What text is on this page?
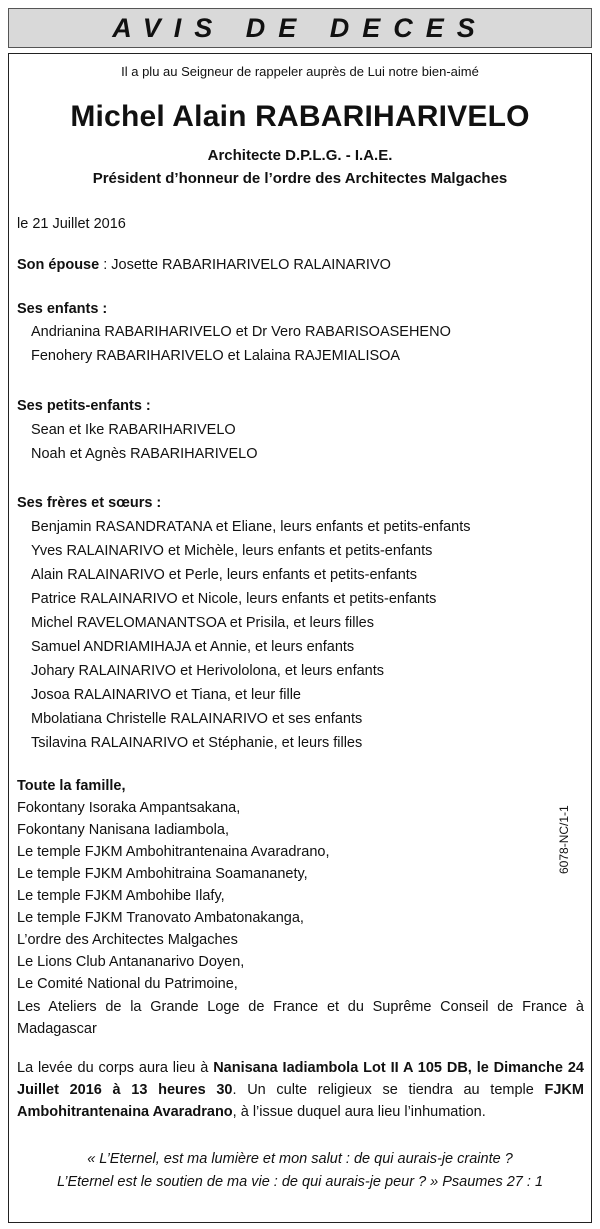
AVIS DE DECES
Il a plu au Seigneur de rappeler auprès de Lui notre bien-aimé
Michel Alain RABARIHARIVELO
Architecte D.P.L.G. - I.A.E.
Président d’honneur de l’ordre des Architectes Malgaches
le 21 Juillet 2016
Son épouse : Josette RABARIHARIVELO RALAINARIVO
Ses enfants :
Andrianina RABARIHARIVELO et Dr Vero RABARISOASEHENO
Fenohery RABARIHARIVELO et Lalaina RAJEMIALISOA
Ses petits-enfants :
Sean et Ike RABARIHARIVELO
Noah et Agnès RABARIHARIVELO
Ses frères et sœurs :
Benjamin RASANDRATANA et Eliane, leurs enfants et petits-enfants
Yves RALAINARIVO et Michèle, leurs enfants et petits-enfants
Alain RALAINARIVO et Perle, leurs enfants et petits-enfants
Patrice RALAINARIVO et Nicole, leurs enfants et petits-enfants
Michel RAVELOMANANTSOA et Prisila, et leurs filles
Samuel ANDRIAMIHAJA et Annie, et leurs enfants
Johary RALAINARIVO et Herivololona, et leurs enfants
Josoa RALAINARIVO et Tiana, et leur fille
Mbolatiana Christelle RALAINARIVO et ses enfants
Tsilavina RALAINARIVO et Stéphanie, et leurs filles
Toute la famille,
Fokontany Isoraka Ampantsakana,
Fokontany Nanisana Iadiambola,
Le temple FJKM Ambohitrantenaina Avaradrano,
Le temple FJKM Ambohitraina Soamananety,
Le temple FJKM Ambohibe Ilafy,
Le temple FJKM Tranovato Ambatonakanga,
L’ordre des Architectes Malgaches
Le Lions Club Antananarivo Doyen,
Le Comité National du Patrimoine,
Les Ateliers de la Grande Loge de France et du Suprême Conseil de France à Madagascar
La levée du corps aura lieu à Nanisana Iadiambola Lot II A 105 DB, le Dimanche 24 Juillet 2016 à 13 heures 30. Un culte religieux se tiendra au temple FJKM Ambohitrantenaina Avaradrano, à l’issue duquel aura lieu l’inhumation.
« L’Eternel, est ma lumière et mon salut : de qui aurais-je crainte ?
L’Eternel est le soutien de ma vie : de qui aurais-je peur ? » Psaumes 27 : 1
6078-NC/1-1
